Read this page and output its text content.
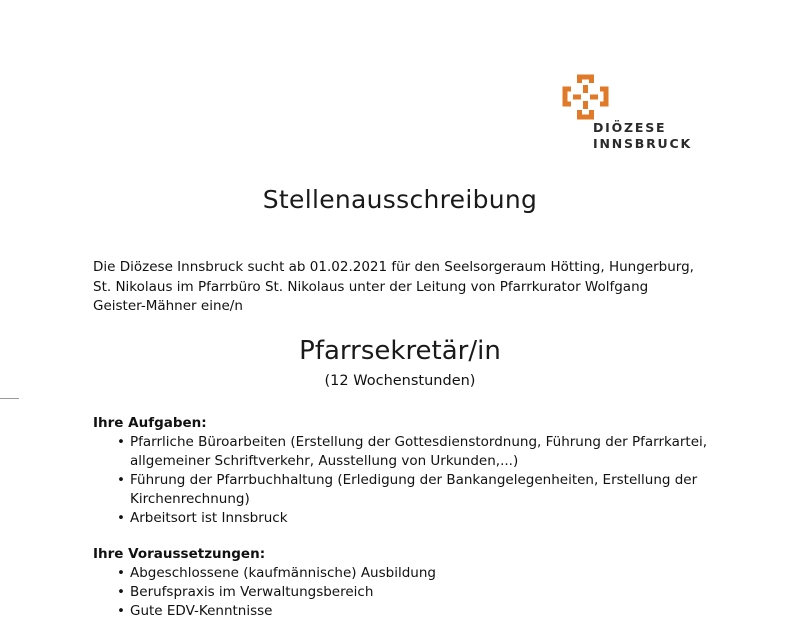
DIÖZESE
INNSBRUCK
Stellenausschreibung
Die Diözese Innsbruck sucht ab 01.02.2021 für den Seelsorgeraum Hötting, Hungerburg,
St. Nikolaus im Pfarrbüro St. Nikolaus unter der Leitung von Pfarrkurator Wolfgang
Geister-Mähner eine/n
Pfarrsekretär/in
(12 Wochenstunden)
Ihre Aufgaben:
• Pfarrliche Büroarbeiten (Erstellung der Gottesdienstordnung, Führung der Pfarrkartei,
allgemeiner Schriftverkehr, Ausstellung von Urkunden,...)
• Führung der Pfarrbuchhaltung (Erledigung der Bankangelegenheiten, Erstellung der
Kirchenrechnung)
• Arbeitsort ist Innsbruck
Ihre Voraussetzungen:
• Abgeschlossene (kaufmännische) Ausbildung
• Berufspraxis im Verwaltungsbereich
• Gute EDV-Kenntnisse
